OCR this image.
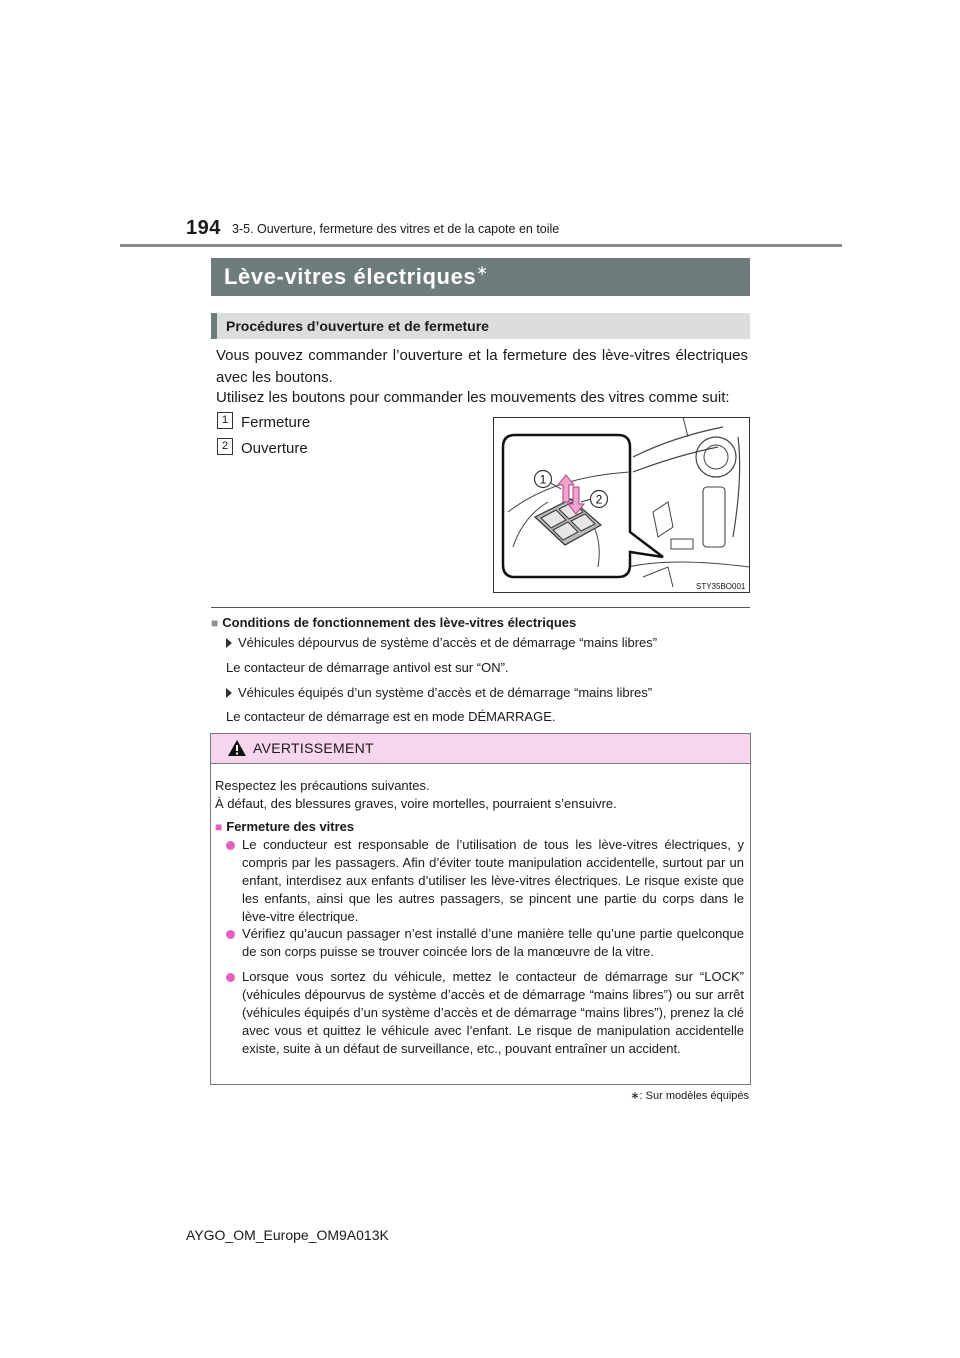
194 3-5. Ouverture, fermeture des vitres et de la capote en toile
Lève-vitres électriques∗
Procédures d’ouverture et de fermeture
Vous pouvez commander l’ouverture et la fermeture des lève-vitres électriques avec les boutons.
Utilisez les boutons pour commander les mouvements des vitres comme suit:
1 Fermeture
2 Ouverture
1
2
STY35BO001
■ Conditions de fonctionnement des lève-vitres électriques
Véhicules dépourvus de système d’accès et de démarrage “mains libres”
Le contacteur de démarrage antivol est sur “ON”.
Véhicules équipés d’un système d’accès et de démarrage “mains libres”
Le contacteur de démarrage est en mode DÉMARRAGE.
AVERTISSEMENT
Respectez les précautions suivantes.
À défaut, des blessures graves, voire mortelles, pourraient s’ensuivre.
■ Fermeture des vitres
Le conducteur est responsable de l’utilisation de tous les lève-vitres électriques, y compris par les passagers. Afin d’éviter toute manipulation accidentelle, surtout par un enfant, interdisez aux enfants d’utiliser les lève-vitres électriques. Le risque existe que les enfants, ainsi que les autres passagers, se pincent une partie du corps dans le lève-vitre électrique.
Vérifiez qu’aucun passager n’est installé d’une manière telle qu’une partie quelconque de son corps puisse se trouver coincée lors de la manœuvre de la vitre.
Lorsque vous sortez du véhicule, mettez le contacteur de démarrage sur “LOCK” (véhicules dépourvus de système d’accès et de démarrage “mains libres”) ou sur arrêt (véhicules équipés d’un système d’accès et de démarrage “mains libres”), prenez la clé avec vous et quittez le véhicule avec l’enfant. Le risque de manipulation accidentelle existe, suite à un défaut de surveillance, etc., pouvant entraîner un accident.
∗: Sur modèles équipés
AYGO_OM_Europe_OM9A013K
